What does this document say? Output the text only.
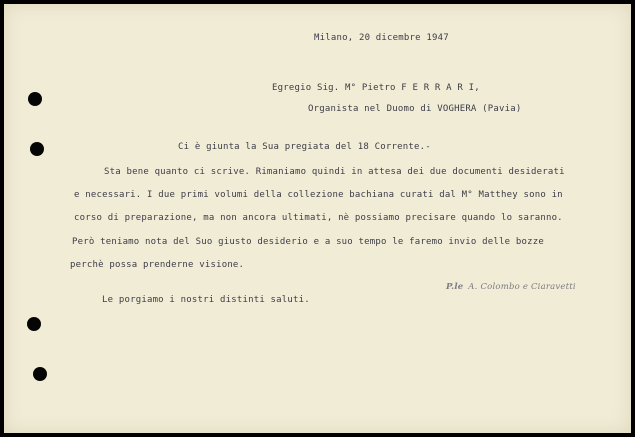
Milano, 20 dicembre 1947
Egregio Sig. M° Pietro F E R R A R I,
Organista nel Duomo di VOGHERA (Pavia)
Ci è giunta la Sua pregiata del 18 Corrente.-
Sta bene quanto ci scrive. Rimaniamo quindi in attesa dei due documenti desiderati
e necessari. I due primi volumi della collezione bachiana curati dal M° Matthey sono in
corso di preparazione, ma non ancora ultimati, nè possiamo precisare quando lo saranno.
Però teniamo nota del Suo giusto desiderio e a suo tempo le faremo invio delle bozze
perchè possa prenderne visione.
P.le A. Colombo e Ciaravetti
Le porgiamo i nostri distinti saluti.
